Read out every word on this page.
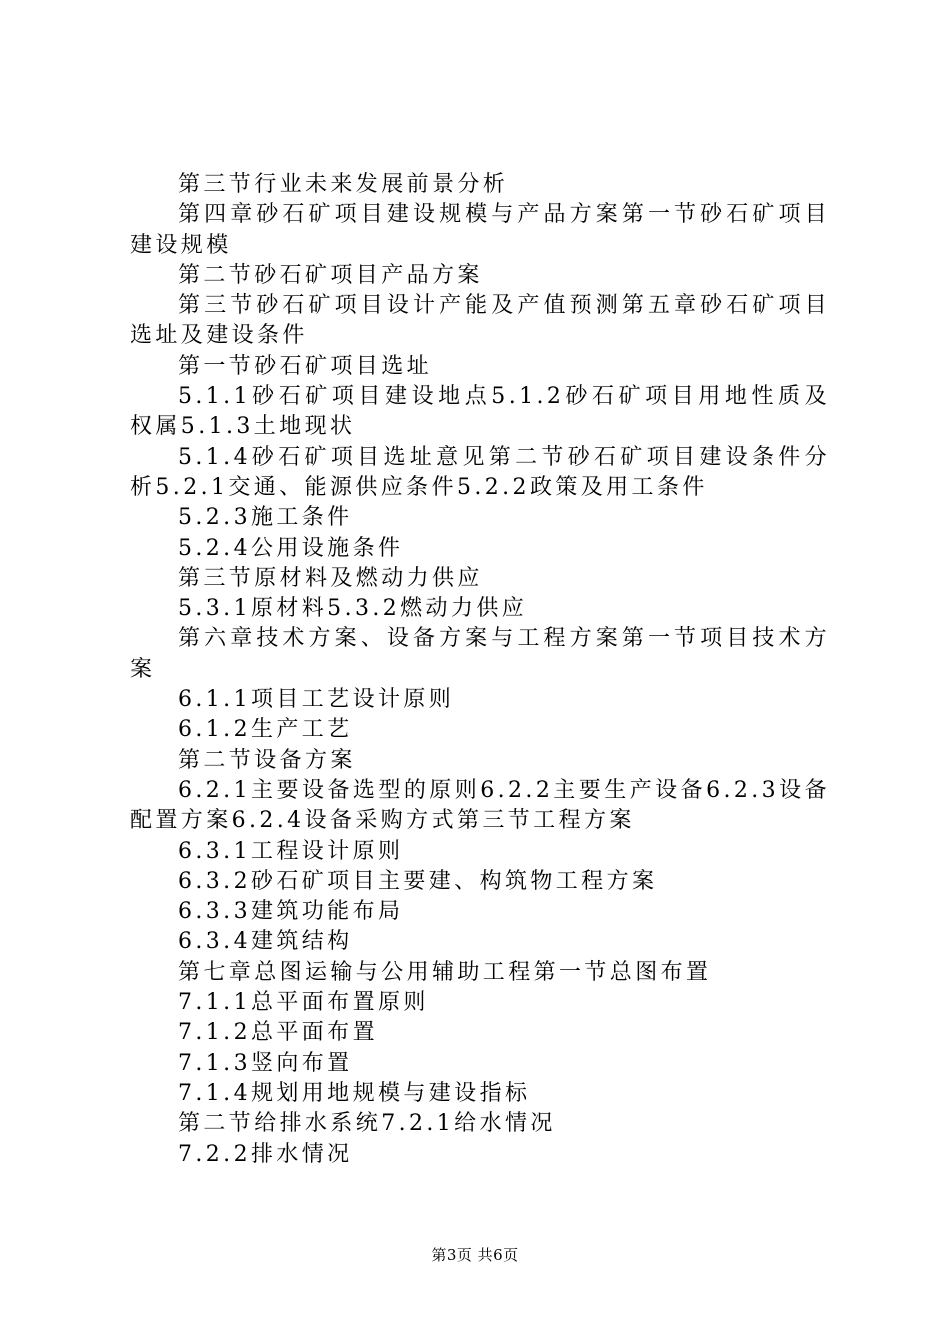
第三节行业未来发展前景分析

第四章砂石矿项目建设规模与产品方案第一节砂石矿项目建设规模

第二节砂石矿项目产品方案

第三节砂石矿项目设计产能及产值预测第五章砂石矿项目选址及建设条件

第一节砂石矿项目选址

5.1.1砂石矿项目建设地点5.1.2砂石矿项目用地性质及权属5.1.3土地现状

5.1.4砂石矿项目选址意见第二节砂石矿项目建设条件分析5.2.1交通、能源供应条件5.2.2政策及用工条件

5.2.3施工条件

5.2.4公用设施条件

第三节原材料及燃动力供应

5.3.1原材料5.3.2燃动力供应

第六章技术方案、设备方案与工程方案第一节项目技术方案

6.1.1项目工艺设计原则

6.1.2生产工艺

第二节设备方案

6.2.1主要设备选型的原则6.2.2主要生产设备6.2.3设备配置方案6.2.4设备采购方式第三节工程方案

6.3.1工程设计原则

6.3.2砂石矿项目主要建、构筑物工程方案

6.3.3建筑功能布局

6.3.4建筑结构

第七章总图运输与公用辅助工程第一节总图布置

7.1.1总平面布置原则

7.1.2总平面布置

7.1.3竖向布置

7.1.4规划用地规模与建设指标

第二节给排水系统7.2.1给水情况

7.2.2排水情况

第3页 共6页
